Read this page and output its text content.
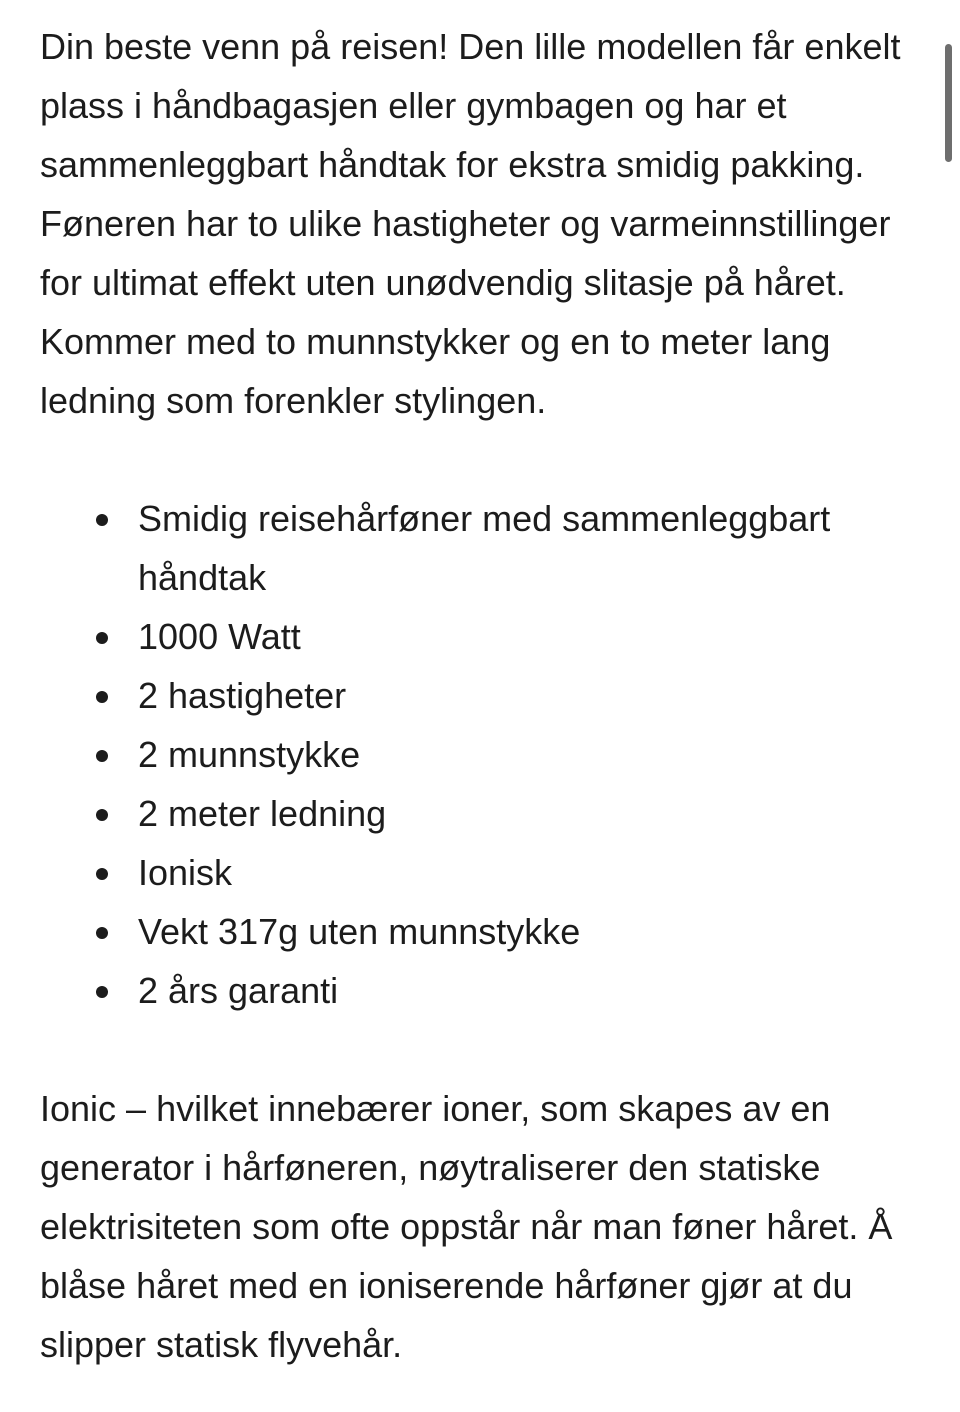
Din beste venn på reisen! Den lille modellen får enkelt plass i håndbagasjen eller gymbagen og har et sammenleggbart håndtak for ekstra smidig pakking. Føneren har to ulike hastigheter og varmeinnstillinger for ultimat effekt uten unødvendig slitasje på håret. Kommer med to munnstykker og en to meter lang ledning som forenkler stylingen.

Smidig reisehårføner med sammenleggbart håndtak
1000 Watt
2 hastigheter
2 munnstykke
2 meter ledning
Ionisk
Vekt 317g uten munnstykke
2 års garanti

Ionic – hvilket innebærer ioner, som skapes av en generator i hårføneren, nøytraliserer den statiske elektrisiteten som ofte oppstår når man føner håret. Å blåse håret med en ioniserende hårføner gjør at du slipper statisk flyvehår.
